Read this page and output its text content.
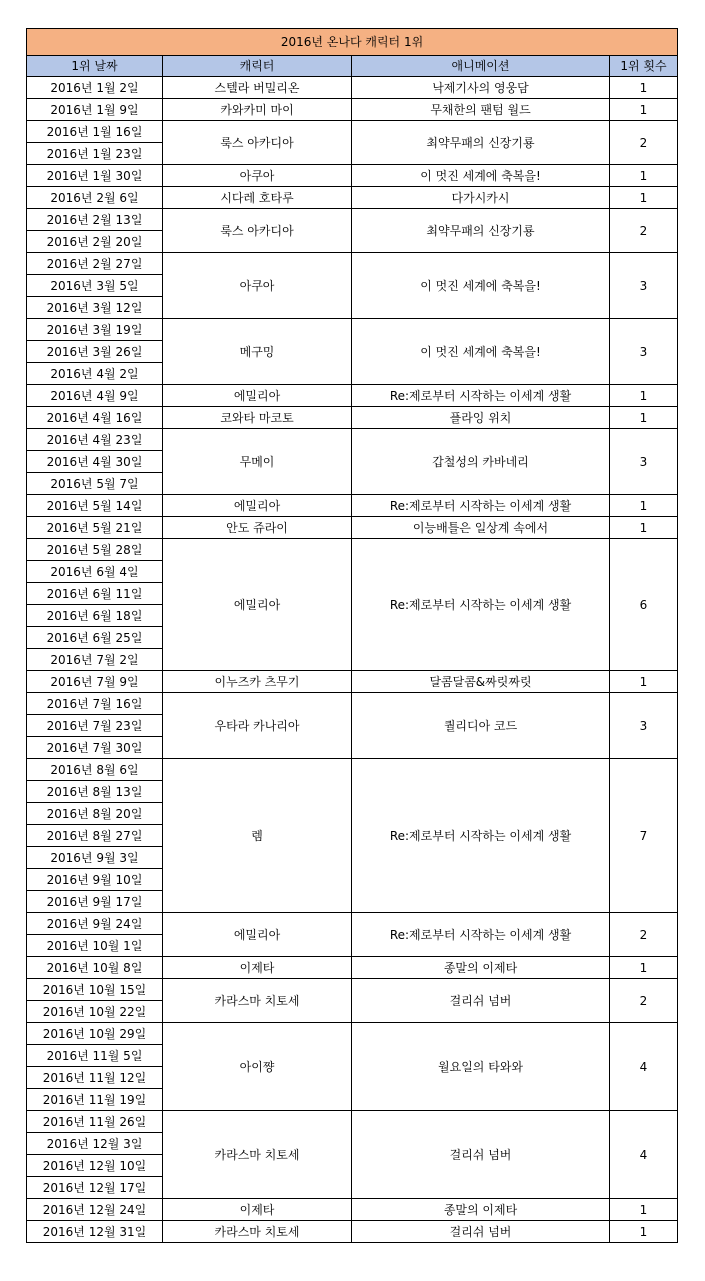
2016년 온나다 캐릭터 1위			
1위 날짜	캐릭터	애니메이션	1위 횟수
2016년 1월 2일	스텔라 버밀리온	낙제기사의 영웅담	1
2016년 1월 9일	카와카미 마이	무채한의 팬텀 월드	1
2016년 1월 16일	룩스 아카디아	최약무패의 신장기룡	2
2016년 1월 23일			
2016년 1월 30일	아쿠아	이 멋진 세계에 축복을!	1
2016년 2월 6일	시다레 호타루	다가시카시	1
2016년 2월 13일	룩스 아카디아	최약무패의 신장기룡	2
2016년 2월 20일			
2016년 2월 27일	아쿠아	이 멋진 세계에 축복을!	3
2016년 3월 5일			
2016년 3월 12일			
2016년 3월 19일	메구밍	이 멋진 세계에 축복을!	3
2016년 3월 26일			
2016년 4월 2일			
2016년 4월 9일	에밀리아	Re:제로부터 시작하는 이세계 생활	1
2016년 4월 16일	코와타 마코토	플라잉 위치	1
2016년 4월 23일	무메이	갑철성의 카바네리	3
2016년 4월 30일			
2016년 5월 7일			
2016년 5월 14일	에밀리아	Re:제로부터 시작하는 이세계 생활	1
2016년 5월 21일	안도 쥬라이	이능배틀은 일상계 속에서	1
2016년 5월 28일	에밀리아	Re:제로부터 시작하는 이세계 생활	6
2016년 6월 4일			
2016년 6월 11일			
2016년 6월 18일			
2016년 6월 25일			
2016년 7월 2일			
2016년 7월 9일	이누즈카 츠무기	달콤달콤&짜릿짜릿	1
2016년 7월 16일	우타라 카나리아	퀄리디아 코드	3
2016년 7월 23일			
2016년 7월 30일			
2016년 8월 6일	렘	Re:제로부터 시작하는 이세계 생활	7
2016년 8월 13일			
2016년 8월 20일			
2016년 8월 27일			
2016년 9월 3일			
2016년 9월 10일			
2016년 9월 17일			
2016년 9월 24일	에밀리아	Re:제로부터 시작하는 이세계 생활	2
2016년 10월 1일			
2016년 10월 8일	이제타	종말의 이제타	1
2016년 10월 15일	카라스마 치토세	걸리쉬 넘버	2
2016년 10월 22일			
2016년 10월 29일	아이쨩	월요일의 타와와	4
2016년 11월 5일			
2016년 11월 12일			
2016년 11월 19일			
2016년 11월 26일	카라스마 치토세	걸리쉬 넘버	4
2016년 12월 3일			
2016년 12월 10일			
2016년 12월 17일			
2016년 12월 24일	이제타	종말의 이제타	1
2016년 12월 31일	카라스마 치토세	걸리쉬 넘버	1
